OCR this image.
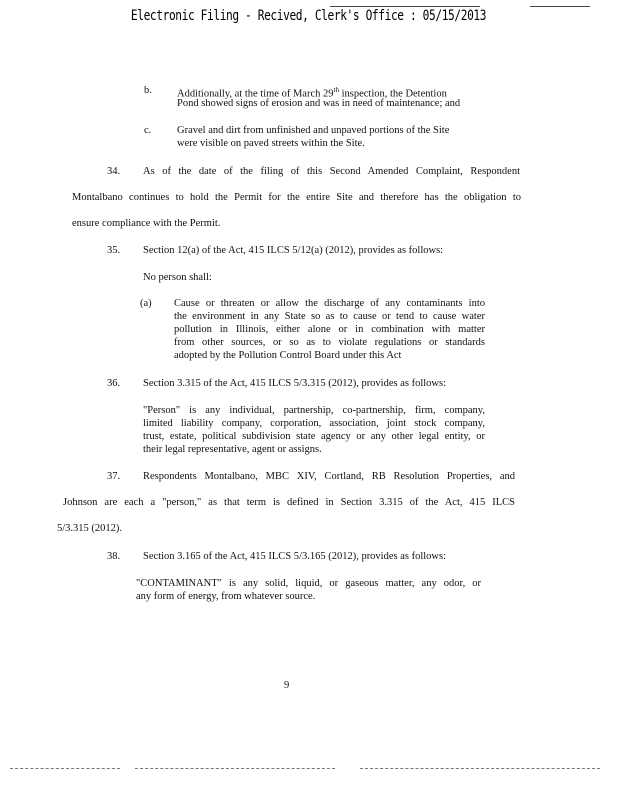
Electronic Filing - Recived, Clerk's Office : 05/15/2013
b. Additionally, at the time of March 29th inspection, the Detention
Pond showed signs of erosion and was in need of maintenance; and
c. Gravel and dirt from unfinished and unpaved portions of the Site
were visible on paved streets within the Site.
34. As of the date of the filing of this Second Amended Complaint, Respondent
Montalbano continues to hold the Permit for the entire Site and therefore has the obligation to
ensure compliance with the Permit.
35. Section 12(a) of the Act, 415 ILCS 5/12(a) (2012), provides as follows:
No person shall:
(a) Cause or threaten or allow the discharge of any contaminants into
the environment in any State so as to cause or tend to cause water
pollution in Illinois, either alone or in combination with matter
from other sources, or so as to violate regulations or standards
adopted by the Pollution Control Board under this Act
36. Section 3.315 of the Act, 415 ILCS 5/3.315 (2012), provides as follows:
"Person" is any individual, partnership, co-partnership, firm, company,
limited liability company, corporation, association, joint stock company,
trust, estate, political subdivision state agency or any other legal entity, or
their legal representative, agent or assigns.
37. Respondents Montalbano, MBC XIV, Cortland, RB Resolution Properties, and
Johnson are each a "person," as that term is defined in Section 3.315 of the Act, 415 ILCS
5/3.315 (2012).
38. Section 3.165 of the Act, 415 ILCS 5/3.165 (2012), provides as follows:
"CONTAMINANT" is any solid, liquid, or gaseous matter, any odor, or
any form of energy, from whatever source.
9
